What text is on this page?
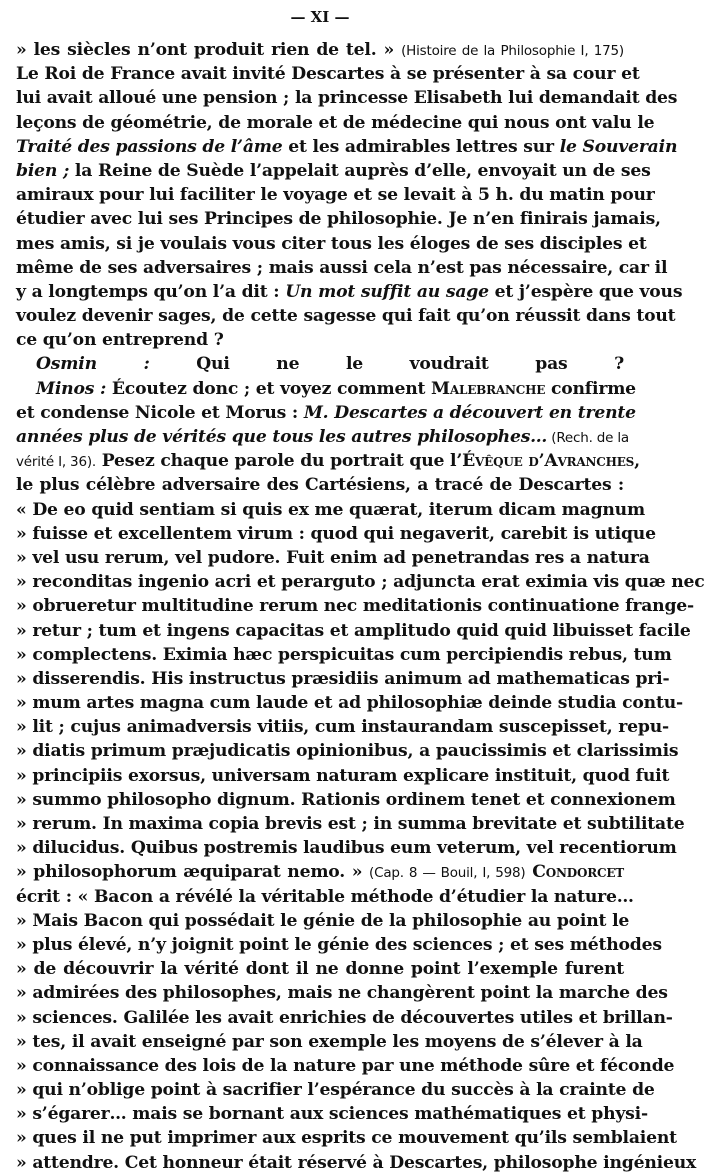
— XI —
» les siècles n’ont produit rien de tel. » (Histoire de la Philosophie I, 175)
Le Roi de France avait invité Descartes à se présenter à sa cour et
lui avait alloué une pension ; la princesse Elisabeth lui demandait des
leçons de géométrie, de morale et de médecine qui nous ont valu le
Traité des passions de l’âme et les admirables lettres sur le Souverain
bien ; la Reine de Suède l’appelait auprès d’elle, envoyait un de ses
amiraux pour lui faciliter le voyage et se levait à 5 h. du matin pour
étudier avec lui ses Principes de philosophie. Je n’en finirais jamais,
mes amis, si je voulais vous citer tous les éloges de ses disciples et
même de ses adversaires ; mais aussi cela n’est pas nécessaire, car il
y a longtemps qu’on l’a dit : Un mot suffit au sage et j’espère que vous
voulez devenir sages, de cette sagesse qui fait qu’on réussit dans tout
ce qu’on entreprend ?
Osmin : Qui ne le voudrait pas ?
Minos : Écoutez donc ; et voyez comment Malebranche confirme
et condense Nicole et Morus : M. Descartes a découvert en trente
années plus de vérités que tous les autres philosophes… (Rech. de la
vérité I, 36). Pesez chaque parole du portrait que l’Évêque d’Avranches,
le plus célèbre adversaire des Cartésiens, a tracé de Descartes :
« De eo quid sentiam si quis ex me quærat, iterum dicam magnum
» fuisse et excellentem virum : quod qui negaverit, carebit is utique
» vel usu rerum, vel pudore. Fuit enim ad penetrandas res a natura
» reconditas ingenio acri et perarguto ; adjuncta erat eximia vis quæ nec
» obrueretur multitudine rerum nec meditationis continuatione frange-
» retur ; tum et ingens capacitas et amplitudo quid quid libuisset facile
» complectens. Eximia hæc perspicuitas cum percipiendis rebus, tum
» disserendis. His instructus præsidiis animum ad mathematicas pri-
» mum artes magna cum laude et ad philosophiæ deinde studia contu-
» lit ; cujus animadversis vitiis, cum instaurandam suscepisset, repu-
» diatis primum præjudicatis opinionibus, a paucissimis et clarissimis
» principiis exorsus, universam naturam explicare instituit, quod fuit
» summo philosopho dignum. Rationis ordinem tenet et connexionem
» rerum. In maxima copia brevis est ; in summa brevitate et subtilitate
» dilucidus. Quibus postremis laudibus eum veterum, vel recentiorum
» philosophorum æquiparat nemo. » (Cap. 8 — Bouil, I, 598) Condorcet
écrit : « Bacon a révélé la véritable méthode d’étudier la nature…
» Mais Bacon qui possédait le génie de la philosophie au point le
» plus élevé, n’y joignit point le génie des sciences ; et ses méthodes
» de découvrir la vérité dont il ne donne point l’exemple furent
» admirées des philosophes, mais ne changèrent point la marche des
» sciences. Galilée les avait enrichies de découvertes utiles et brillan-
» tes, il avait enseigné par son exemple les moyens de s’élever à la
» connaissance des lois de la nature par une méthode sûre et féconde
» qui n’oblige point à sacrifier l’espérance du succès à la crainte de
» s’égarer… mais se bornant aux sciences mathématiques et physi-
» ques il ne put imprimer aux esprits ce mouvement qu’ils semblaient
» attendre. Cet honneur était réservé à Descartes, philosophe ingénieux
